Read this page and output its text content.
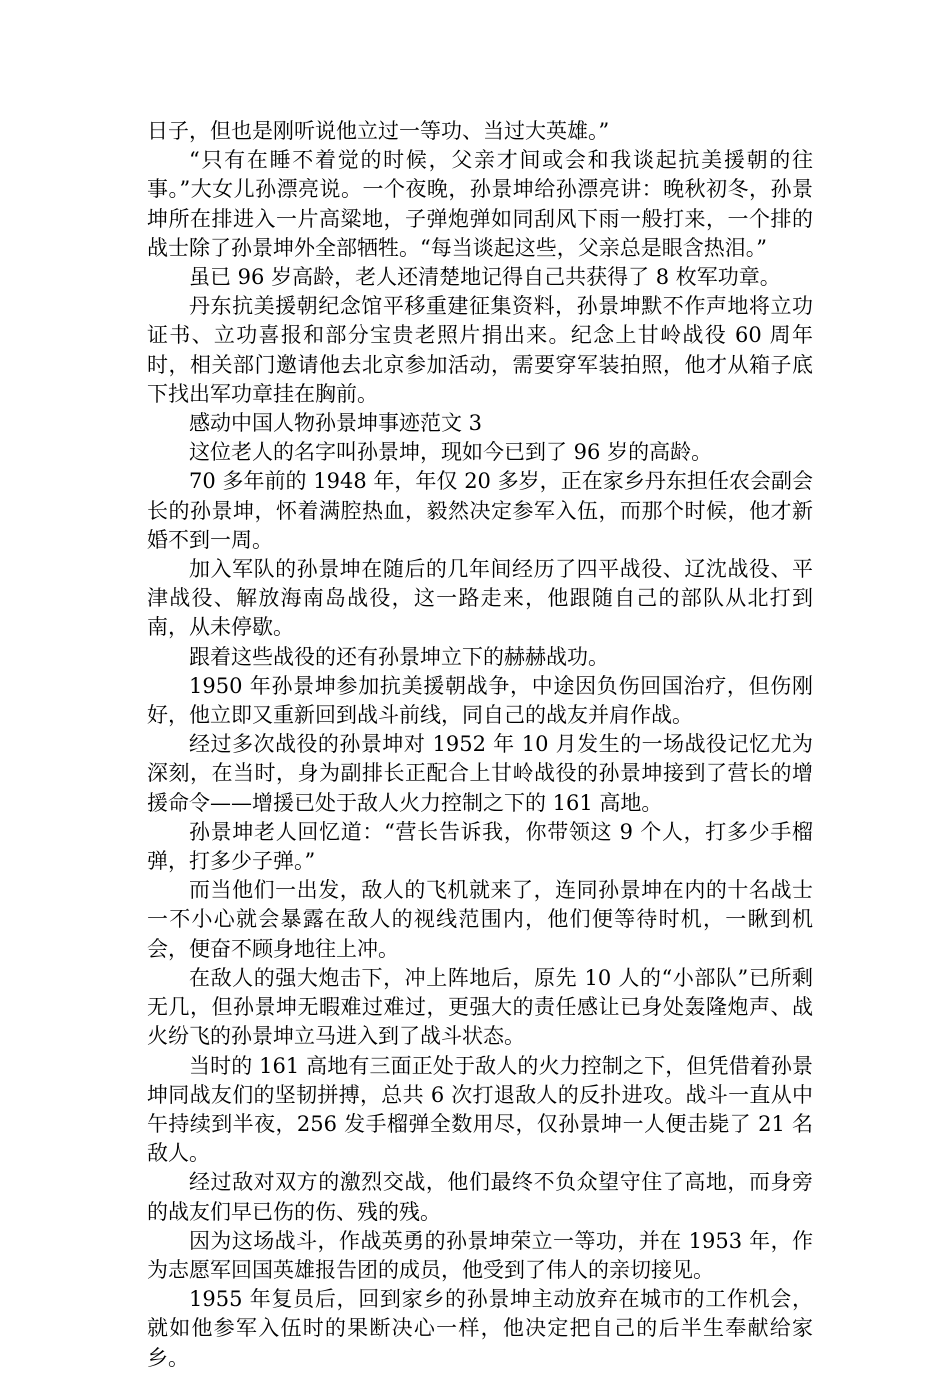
日子，但也是刚听说他立过一等功、当过大英雄。”

“只有在睡不着觉的时候，父亲才间或会和我谈起抗美援朝的往事。”大女儿孙漂亮说。一个夜晚，孙景坤给孙漂亮讲：晚秋初冬，孙景坤所在排进入一片高粱地，子弹炮弹如同刮风下雨一般打来，一个排的战士除了孙景坤外全部牺牲。“每当谈起这些，父亲总是眼含热泪。”

虽已 96 岁高龄，老人还清楚地记得自己共获得了 8 枚军功章。

丹东抗美援朝纪念馆平移重建征集资料，孙景坤默不作声地将立功证书、立功喜报和部分宝贵老照片捐出来。纪念上甘岭战役 60 周年时，相关部门邀请他去北京参加活动，需要穿军装拍照，他才从箱子底下找出军功章挂在胸前。

感动中国人物孙景坤事迹范文 3

这位老人的名字叫孙景坤，现如今已到了 96 岁的高龄。

70 多年前的 1948 年，年仅 20 多岁，正在家乡丹东担任农会副会长的孙景坤，怀着满腔热血，毅然决定参军入伍，而那个时候，他才新婚不到一周。

加入军队的孙景坤在随后的几年间经历了四平战役、辽沈战役、平津战役、解放海南岛战役，这一路走来，他跟随自己的部队从北打到南，从未停歇。

跟着这些战役的还有孙景坤立下的赫赫战功。

1950 年孙景坤参加抗美援朝战争，中途因负伤回国治疗，但伤刚好，他立即又重新回到战斗前线，同自己的战友并肩作战。

经过多次战役的孙景坤对 1952 年 10 月发生的一场战役记忆尤为深刻，在当时，身为副排长正配合上甘岭战役的孙景坤接到了营长的增援命令——增援已处于敌人火力控制之下的 161 高地。

孙景坤老人回忆道：“营长告诉我，你带领这 9 个人，打多少手榴弹，打多少子弹。”

而当他们一出发，敌人的飞机就来了，连同孙景坤在内的十名战士一不小心就会暴露在敌人的视线范围内，他们便等待时机，一瞅到机会，便奋不顾身地往上冲。

在敌人的强大炮击下，冲上阵地后，原先 10 人的“小部队”已所剩无几，但孙景坤无暇难过难过，更强大的责任感让已身处轰隆炮声、战火纷飞的孙景坤立马进入到了战斗状态。

当时的 161 高地有三面正处于敌人的火力控制之下，但凭借着孙景坤同战友们的坚韧拼搏，总共 6 次打退敌人的反扑进攻。战斗一直从中午持续到半夜，256 发手榴弹全数用尽，仅孙景坤一人便击毙了 21 名敌人。

经过敌对双方的激烈交战，他们最终不负众望守住了高地，而身旁的战友们早已伤的伤、残的残。

因为这场战斗，作战英勇的孙景坤荣立一等功，并在 1953 年，作为志愿军回国英雄报告团的成员，他受到了伟人的亲切接见。

1955 年复员后，回到家乡的孙景坤主动放弃在城市的工作机会，就如他参军入伍时的果断决心一样，他决定把自己的后半生奉献给家乡。
